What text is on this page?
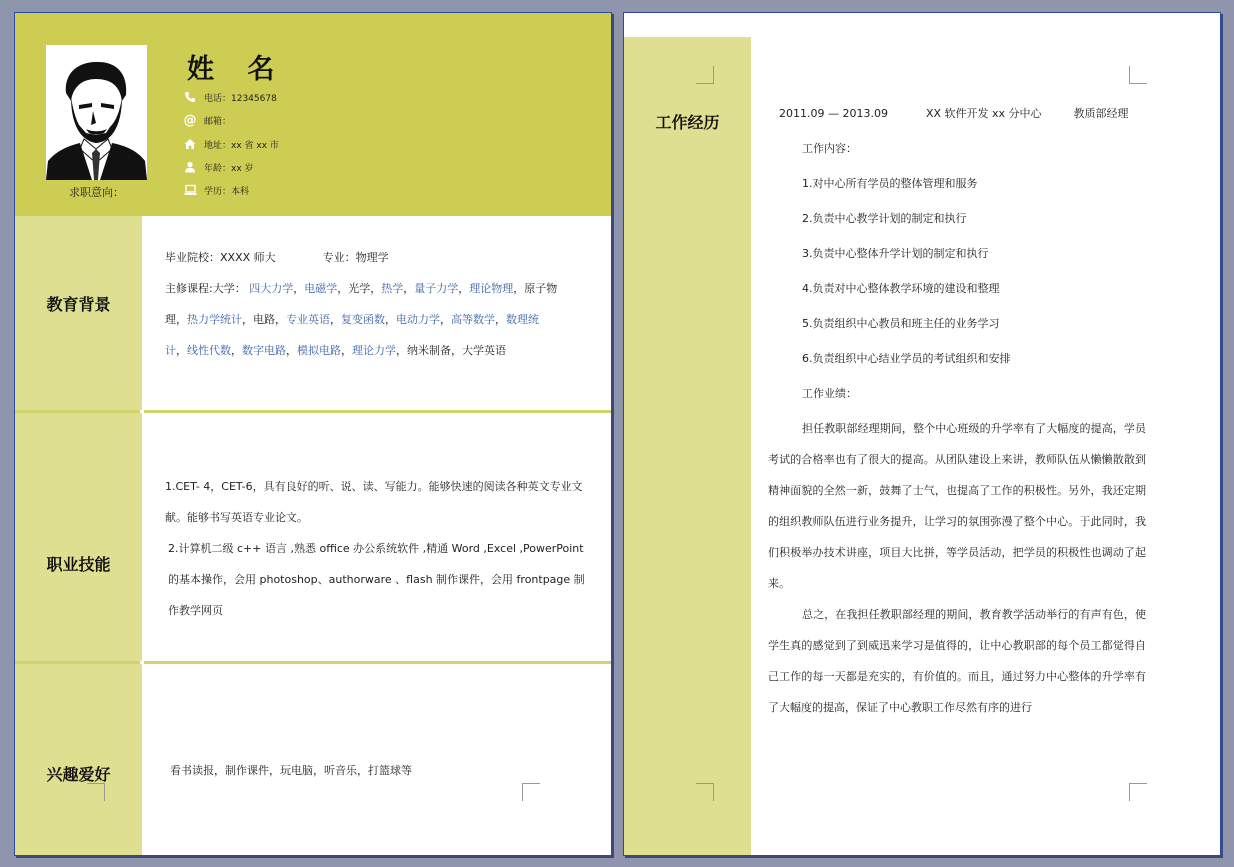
求职意向：
姓 名
电话：12345678
@ 邮箱：
地址：xx 省 xx 市
年龄：xx 岁
学历：本科
教育背景
毕业院校：XXXX 师大	专业：物理学
主修课程:大学： 四大力学，电磁学，光学，热学，量子力学，理论物理，原子物理，热力学统计，电路，专业英语，复变函数，电动力学，高等数学，数理统计，线性代数，数字电路，模拟电路，理论力学，纳米制备，大学英语
职业技能
1.CET- 4，CET-6，具有良好的听、说、读、写能力。能够快速的阅读各种英文专业文献。能够书写英语专业论文。
2.计算机二级 c++ 语言 ,熟悉 office 办公系统软件 ,精通 Word ,Excel ,PowerPoint 的基本操作，会用 photoshop、authorware 、flash 制作课件，会用 frontpage 制作教学网页
兴趣爱好	看书读报，制作课件，玩电脑，听音乐，打篮球等
工作经历	2011.09 — 2013.09	XX 软件开发 xx 分中心	教质部经理
工作内容：
1.对中心所有学员的整体管理和服务
2.负责中心教学计划的制定和执行
3.负责中心整体升学计划的制定和执行
4.负责对中心整体教学环境的建设和整理
5.负责组织中心教员和班主任的业务学习
6.负责组织中心结业学员的考试组织和安排
工作业绩：
担任教职部经理期间，整个中心班级的升学率有了大幅度的提高，学员考试的合格率也有了很大的提高。从团队建设上来讲，教师队伍从懒懒散散到精神面貌的全然一新，鼓舞了士气，也提高了工作的积极性。另外，我还定期的组织教师队伍进行业务提升，让学习的氛围弥漫了整个中心。于此同时，我们积极举办技术讲座，项目大比拼，等学员活动，把学员的积极性也调动了起来。
总之，在我担任教职部经理的期间，教育教学活动举行的有声有色，使学生真的感觉到了到威迅来学习是值得的，让中心教职部的每个员工都觉得自己工作的每一天都是充实的，有价值的。而且，通过努力中心整体的升学率有了大幅度的提高，保证了中心教职工作尽然有序的进行
